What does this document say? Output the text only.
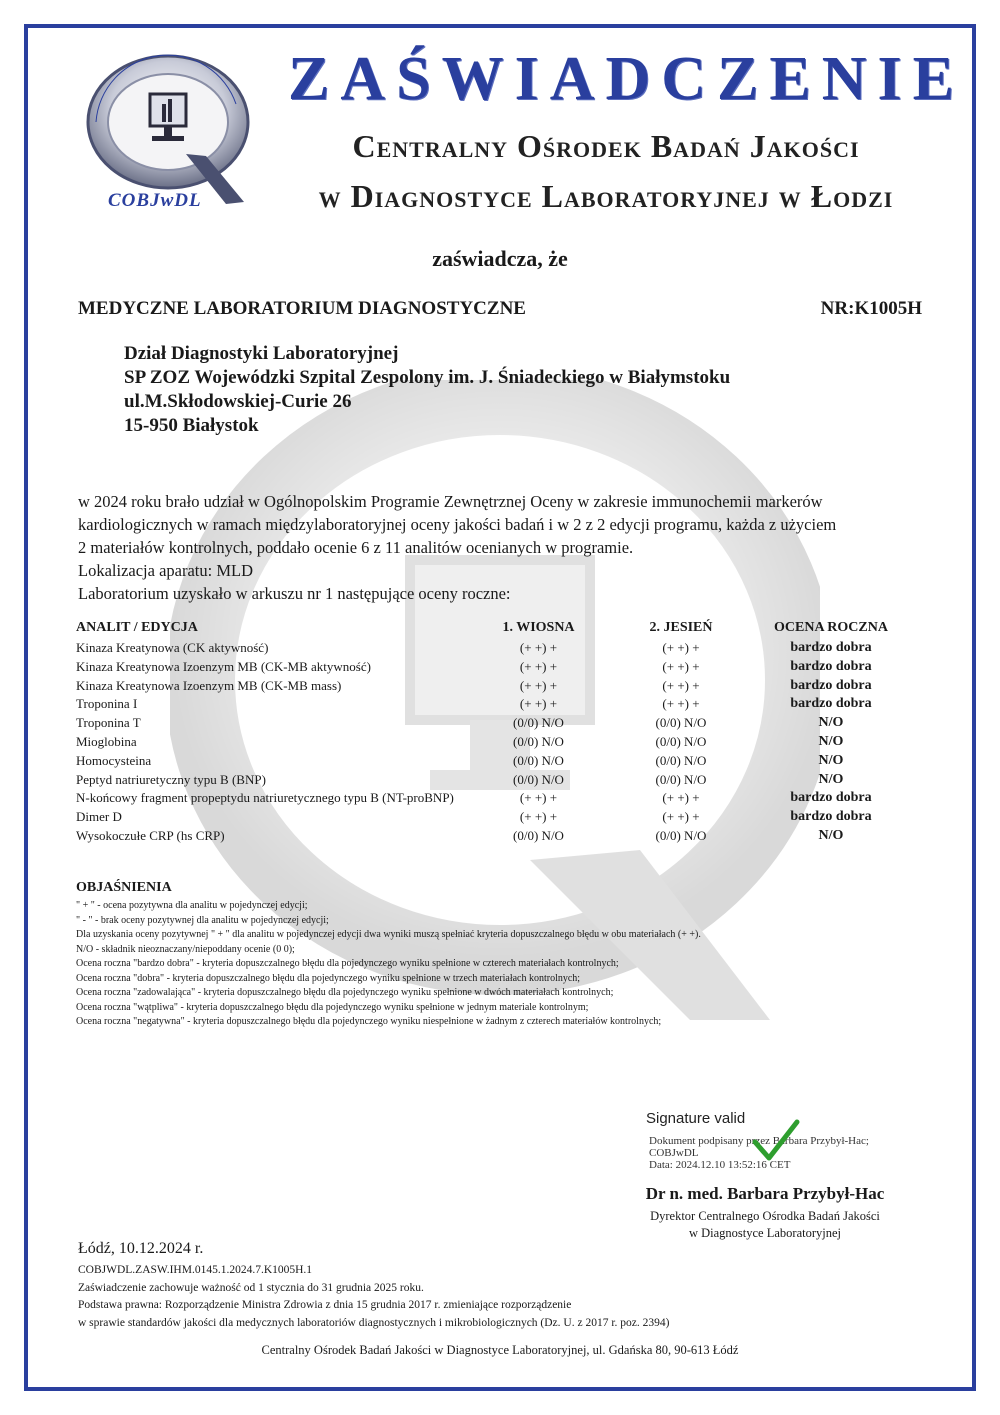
COBJwDL
ZAŚWIADCZENIE
Centralny Ośrodek Badań Jakości
w Diagnostyce Laboratoryjnej w Łodzi
zaświadcza, że
MEDYCZNE LABORATORIUM DIAGNOSTYCZNE	NR:K1005H
Dział Diagnostyki Laboratoryjnej
SP ZOZ Wojewódzki Szpital Zespolony im. J. Śniadeckiego w Białymstoku
ul.M.Skłodowskiej-Curie 26
15-950 Białystok
w 2024 roku brało udział w Ogólnopolskim Programie Zewnętrznej Oceny w zakresie immunochemii markerów
kardiologicznych w ramach międzylaboratoryjnej oceny jakości badań i w 2 z 2 edycji programu, każda z użyciem
2 materiałów kontrolnych, poddało ocenie 6 z 11 analitów ocenianych w programie.
Lokalizacja aparatu: MLD
Laboratorium uzyskało w arkuszu nr 1 następujące oceny roczne:
ANALIT / EDYCJA	1. WIOSNA	2. JESIEŃ	OCENA ROCZNA
Kinaza Kreatynowa (CK aktywność)	(+ +) +	(+ +) +	bardzo dobra
Kinaza Kreatynowa Izoenzym MB (CK-MB aktywność)	(+ +) +	(+ +) +	bardzo dobra
Kinaza Kreatynowa Izoenzym MB (CK-MB mass)	(+ +) +	(+ +) +	bardzo dobra
Troponina I	(+ +) +	(+ +) +	bardzo dobra
Troponina T	(0/0) N/O	(0/0) N/O	N/O
Mioglobina	(0/0) N/O	(0/0) N/O	N/O
Homocysteina	(0/0) N/O	(0/0) N/O	N/O
Peptyd natriuretyczny typu B (BNP)	(0/0) N/O	(0/0) N/O	N/O
N-końcowy fragment propeptydu natriuretycznego typu B (NT-proBNP)	(+ +) +	(+ +) +	bardzo dobra
Dimer D	(+ +) +	(+ +) +	bardzo dobra
Wysokoczułe CRP (hs CRP)	(0/0) N/O	(0/0) N/O	N/O
OBJAŚNIENIA
" + " - ocena pozytywna dla analitu w pojedynczej edycji;
" - " - brak oceny pozytywnej dla analitu w pojedynczej edycji;
Dla uzyskania oceny pozytywnej " + " dla analitu w pojedynczej edycji dwa wyniki muszą spełniać kryteria dopuszczalnego błędu w obu materiałach (+ +).
N/O - składnik nieoznaczany/niepoddany ocenie (0 0);
Ocena roczna "bardzo dobra" - kryteria dopuszczalnego błędu dla pojedynczego wyniku spełnione w czterech materiałach kontrolnych;
Ocena roczna "dobra" - kryteria dopuszczalnego błędu dla pojedynczego wyniku spełnione w trzech materiałach kontrolnych;
Ocena roczna "zadowalająca" - kryteria dopuszczalnego błędu dla pojedynczego wyniku spełnione w dwóch materiałach kontrolnych;
Ocena roczna "wątpliwa" - kryteria dopuszczalnego błędu dla pojedynczego wyniku spełnione w jednym materiale kontrolnym;
Ocena roczna "negatywna" - kryteria dopuszczalnego błędu dla pojedynczego wyniku niespełnione w żadnym z czterech materiałów kontrolnych;
Signature valid
Dokument podpisany przez Barbara Przybył-Hac;
COBJwDL
Data: 2024.12.10 13:52:16 CET
Dr n. med. Barbara Przybył-Hac
Dyrektor Centralnego Ośrodka Badań Jakości
w Diagnostyce Laboratoryjnej
Łódź, 10.12.2024 r.
COBJWDL.ZASW.IHM.0145.1.2024.7.K1005H.1
Zaświadczenie zachowuje ważność od 1 stycznia do 31 grudnia 2025 roku.
Podstawa prawna: Rozporządzenie Ministra Zdrowia z dnia 15 grudnia 2017 r. zmieniające rozporządzenie
w sprawie standardów jakości dla medycznych laboratoriów diagnostycznych i mikrobiologicznych (Dz. U. z 2017 r. poz. 2394)
Centralny Ośrodek Badań Jakości w Diagnostyce Laboratoryjnej, ul. Gdańska 80, 90-613 Łódź
